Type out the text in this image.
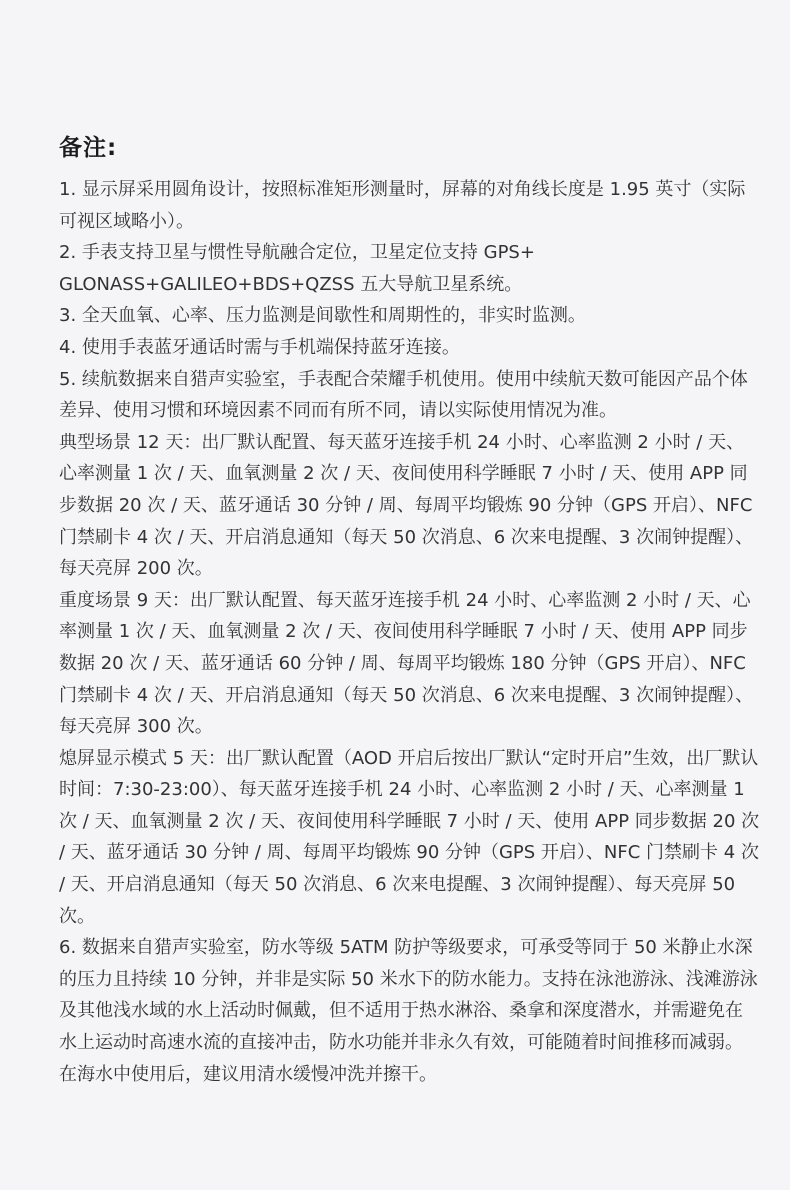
备注:

1. 显示屏采用圆角设计，按照标准矩形测量时，屏幕的对角线长度是 1.95 英寸（实际可视区域略小）。

2. 手表支持卫星与惯性导航融合定位，卫星定位支持 GPS+ GLONASS+GALILEO+BDS+QZSS 五大导航卫星系统。

3. 全天血氧、心率、压力监测是间歇性和周期性的，非实时监测。

4. 使用手表蓝牙通话时需与手机端保持蓝牙连接。

5. 续航数据来自猎声实验室，手表配合荣耀手机使用。使用中续航天数可能因产品个体差异、使用习惯和环境因素不同而有所不同，请以实际使用情况为准。

典型场景 12 天：出厂默认配置、每天蓝牙连接手机 24 小时、心率监测 2 小时 / 天、心率测量 1 次 / 天、血氧测量 2 次 / 天、夜间使用科学睡眠 7 小时 / 天、使用 APP 同步数据 20 次 / 天、蓝牙通话 30 分钟 / 周、每周平均锻炼 90 分钟（GPS 开启）、NFC 门禁刷卡 4 次 / 天、开启消息通知（每天 50 次消息、6 次来电提醒、3 次闹钟提醒）、每天亮屏 200 次。

重度场景 9 天：出厂默认配置、每天蓝牙连接手机 24 小时、心率监测 2 小时 / 天、心率测量 1 次 / 天、血氧测量 2 次 / 天、夜间使用科学睡眠 7 小时 / 天、使用 APP 同步数据 20 次 / 天、蓝牙通话 60 分钟 / 周、每周平均锻炼 180 分钟（GPS 开启）、NFC 门禁刷卡 4 次 / 天、开启消息通知（每天 50 次消息、6 次来电提醒、3 次闹钟提醒）、每天亮屏 300 次。

熄屏显示模式 5 天：出厂默认配置（AOD 开启后按出厂默认“定时开启”生效，出厂默认时间：7:30-23:00）、每天蓝牙连接手机 24 小时、心率监测 2 小时 / 天、心率测量 1 次 / 天、血氧测量 2 次 / 天、夜间使用科学睡眠 7 小时 / 天、使用 APP 同步数据 20 次 / 天、蓝牙通话 30 分钟 / 周、每周平均锻炼 90 分钟（GPS 开启）、NFC 门禁刷卡 4 次 / 天、开启消息通知（每天 50 次消息、6 次来电提醒、3 次闹钟提醒）、每天亮屏 50 次。

6. 数据来自猎声实验室，防水等级 5ATM 防护等级要求，可承受等同于 50 米静止水深的压力且持续 10 分钟，并非是实际 50 米水下的防水能力。支持在泳池游泳、浅滩游泳及其他浅水域的水上活动时佩戴，但不适用于热水淋浴、桑拿和深度潜水，并需避免在水上运动时高速水流的直接冲击，防水功能并非永久有效，可能随着时间推移而减弱。在海水中使用后，建议用清水缓慢冲洗并擦干。
